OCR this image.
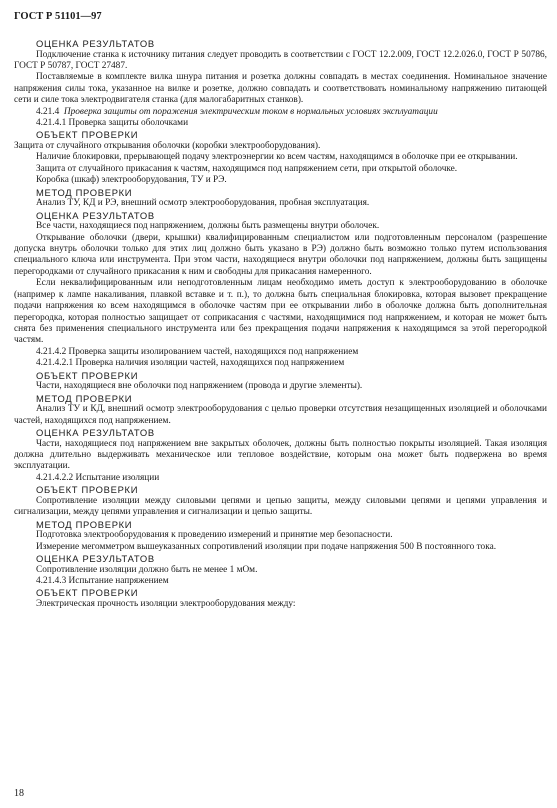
ГОСТ Р 51101—97

ОЦЕНКА РЕЗУЛЬТАТОВ

Подключение станка к источнику питания следует проводить в соответствии с ГОСТ 12.2.009, ГОСТ 12.2.026.0, ГОСТ Р 50786, ГОСТ Р 50787, ГОСТ 27487.

Поставляемые в комплекте вилка шнура питания и розетка должны совпадать в местах соединения. Номинальное значение напряжения силы тока, указанное на вилке и розетке, должно совпадать и соответствовать номинальному напряжению питающей сети и силе тока электродвигателя станка (для малогабаритных станков).

4.21.4 Проверка защиты от поражения электрическим током в нормальных условиях эксплуатации

4.21.4.1 Проверка защиты оболочками

ОБЪЕКТ ПРОВЕРКИ

Защита от случайного открывания оболочки (коробки электрооборудования).

Наличие блокировки, прерывающей подачу электроэнергии ко всем частям, находящимся в оболочке при ее открывании.

Защита от случайного прикасания к частям, находящимся под напряжением сети, при открытой оболочке.

Коробка (шкаф) электрооборудования, ТУ и РЭ.

МЕТОД ПРОВЕРКИ

Анализ ТУ, КД и РЭ, внешний осмотр электрооборудования, пробная эксплуатация.

ОЦЕНКА РЕЗУЛЬТАТОВ

Все части, находящиеся под напряжением, должны быть размещены внутри оболочек.

Открывание оболочки (двери, крышки) квалифицированным специалистом или подготовленным персоналом (разрешение допуска внутрь оболочки только для этих лиц должно быть указано в РЭ) должно быть возможно только путем использования специального ключа или инструмента. При этом части, находящиеся внутри оболочки под напряжением, должны быть защищены перегородками от случайного прикасания к ним и свободны для прикасания намеренного.

Если неквалифицированным или неподготовленным лицам необходимо иметь доступ к электрооборудованию в оболочке (например к лампе накаливания, плавкой вставке и т. п.), то должна быть специальная блокировка, которая вызовет прекращение подачи напряжения ко всем находящимся в оболочке частям при ее открывании либо в оболочке должна быть дополнительная перегородка, которая полностью защищает от соприкасания с частями, находящимися под напряжением, и которая не может быть снята без применения специального инструмента или без прекращения подачи напряжения к находящимся за этой перегородкой частям.

4.21.4.2 Проверка защиты изолированием частей, находящихся под напряжением

4.21.4.2.1 Проверка наличия изоляции частей, находящихся под напряжением

ОБЪЕКТ ПРОВЕРКИ

Части, находящиеся вне оболочки под напряжением (провода и другие элементы).

МЕТОД ПРОВЕРКИ

Анализ ТУ и КД, внешний осмотр электрооборудования с целью проверки отсутствия незащищенных изоляцией и оболочками частей, находящихся под напряжением.

ОЦЕНКА РЕЗУЛЬТАТОВ

Части, находящиеся под напряжением вне закрытых оболочек, должны быть полностью покрыты изоляцией. Такая изоляция должна длительно выдерживать механическое или тепловое воздействие, которым она может быть подвержена во время эксплуатации.

4.21.4.2.2 Испытание изоляции

ОБЪЕКТ ПРОВЕРКИ

Сопротивление изоляции между силовыми цепями и цепью защиты, между силовыми цепями и цепями управления и сигнализации, между цепями управления и сигнализации и цепью защиты.

МЕТОД ПРОВЕРКИ

Подготовка электрооборудования к проведению измерений и принятие мер безопасности.

Измерение мегомметром вышеуказанных сопротивлений изоляции при подаче напряжения 500 В постоянного тока.

ОЦЕНКА РЕЗУЛЬТАТОВ

Сопротивление изоляции должно быть не менее 1 мОм.

4.21.4.3 Испытание напряжением

ОБЪЕКТ ПРОВЕРКИ

Электрическая прочность изоляции электрооборудования между:

18
